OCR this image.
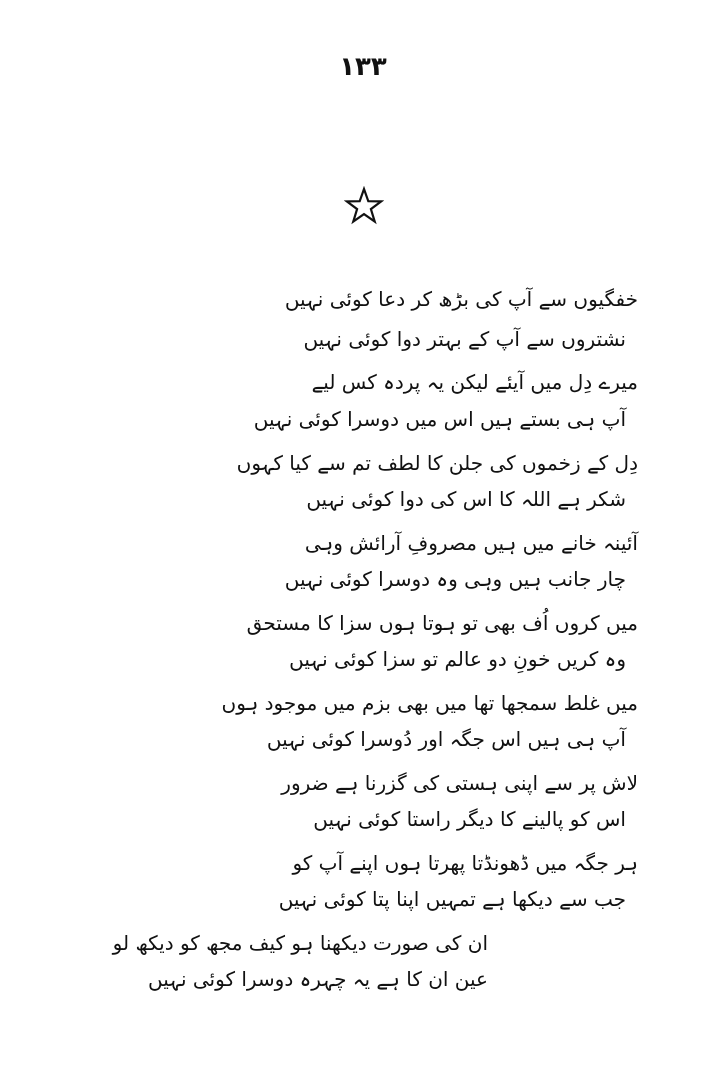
۱۳۳
خفگیوں سے آپ کی بڑھ کر دعا کوئی نہیں
نشتروں سے آپ کے بہتر دوا کوئی نہیں
میرے دِل میں آیئے لیکن یہ پردہ کس لیے
آپ ہی بستے ہیں اس میں دوسرا کوئی نہیں
دِل کے زخموں کی جلن کا لطف تم سے کیا کہوں
شکر ہے اللہ کا اس کی دوا کوئی نہیں
آئینہ خانے میں ہیں مصروفِ آرائش وہی
چار جانب ہیں وہی وہ دوسرا کوئی نہیں
میں کروں اُف بھی تو ہوتا ہوں سزا کا مستحق
وہ کریں خونِ دو عالم تو سزا کوئی نہیں
میں غلط سمجھا تھا میں بھی بزم میں موجود ہوں
آپ ہی ہیں اس جگہ اور دُوسرا کوئی نہیں
لاش پر سے اپنی ہستی کی گزرنا ہے ضرور
اس کو پالینے کا دیگر راستا کوئی نہیں
ہر جگہ میں ڈھونڈتا پھرتا ہوں اپنے آپ کو
جب سے دیکھا ہے تمہیں اپنا پتا کوئی نہیں
ان کی صورت دیکھنا ہو کیف مجھ کو دیکھ لو
عین ان کا ہے یہ چہرہ دوسرا کوئی نہیں
